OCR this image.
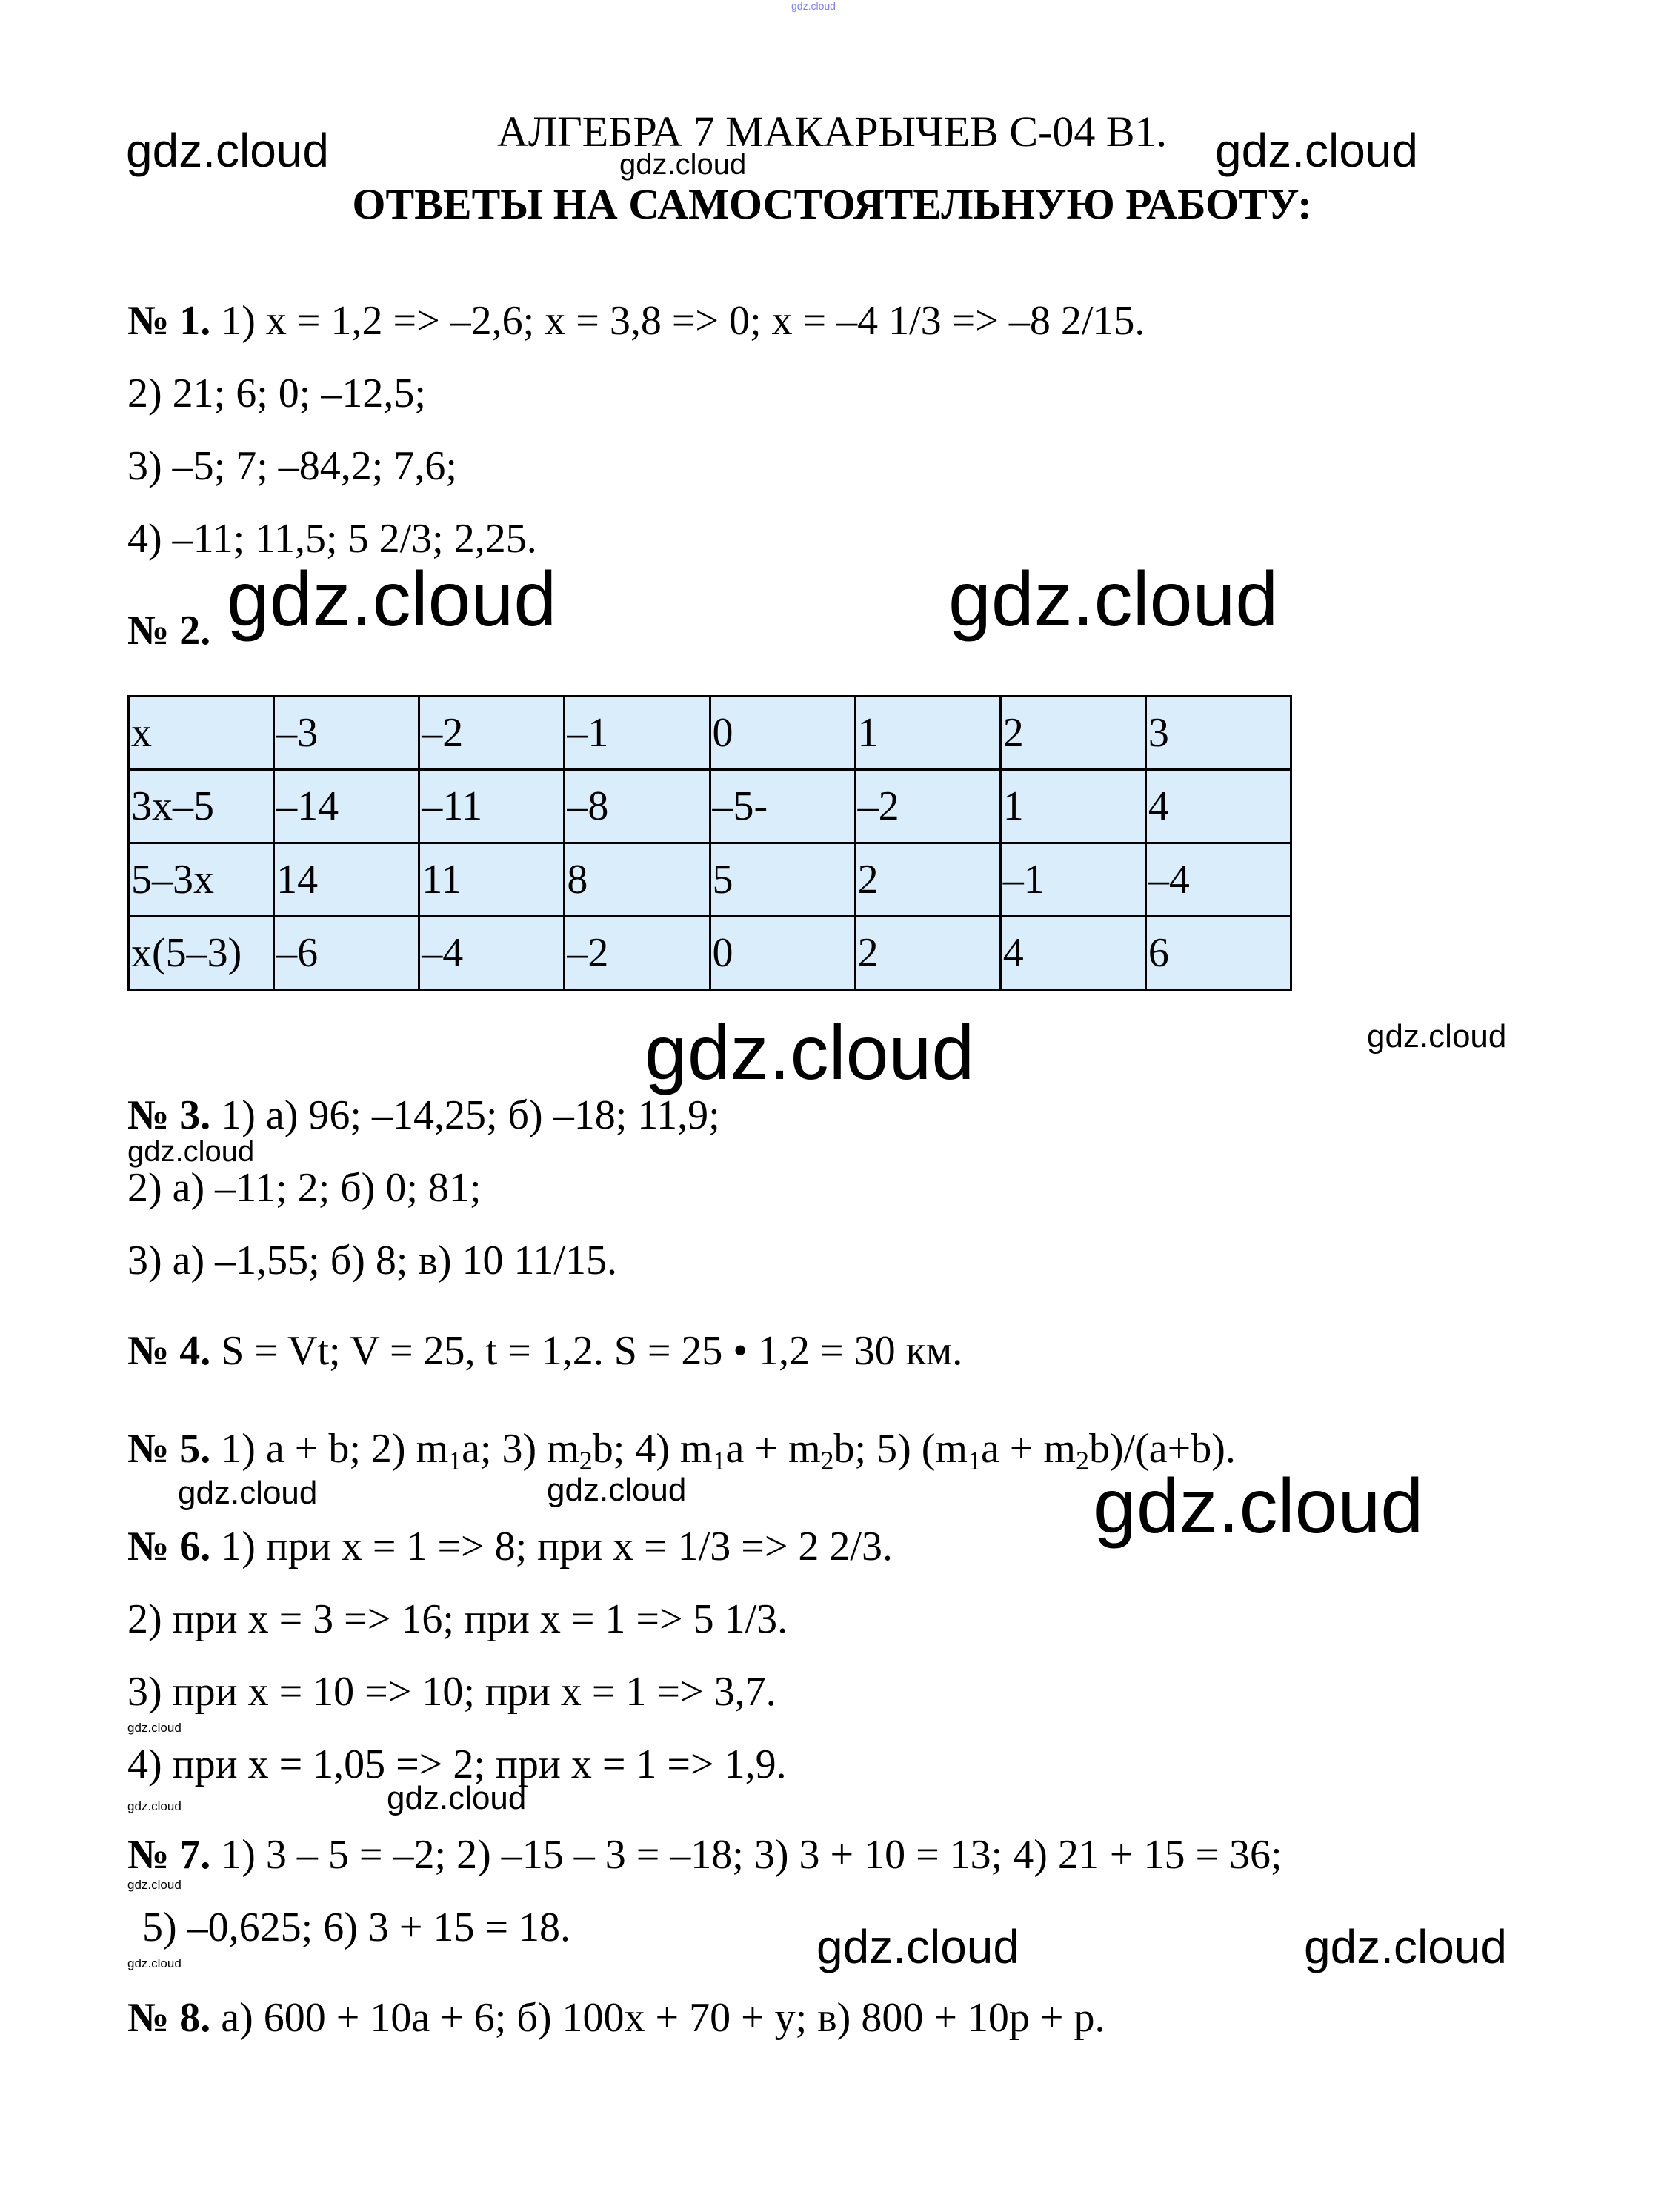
gdz.cloud
gdz.cloud	gdz.cloud	gdz.cloud
gdz.cloud	gdz.cloud
gdz.cloud	gdz.cloud
gdz.cloud
gdz.cloud	gdz.cloud	gdz.cloud
gdz.cloud
gdz.cloud	gdz.cloud
gdz.cloud
gdz.cloud	gdz.cloud	gdz.cloud
АЛГЕБРА 7 МАКАРЫЧЕВ С-04 В1.
ОТВЕТЫ НА САМОСТОЯТЕЛЬНУЮ РАБОТУ:
№ 1. 1) x = 1,2 => –2,6; x = 3,8 => 0; x = –4 1/3 => –8 2/15.
2) 21; 6; 0; –12,5;
3) –5; 7; –84,2; 7,6;
4) –11; 11,5; 5 2/3; 2,25.
№ 2.
x	–3	–2	–1	0	1	2	3
3x–5	–14	–11	–8	–5-	–2	1	4
5–3x	14	11	8	5	2	–1	–4
x(5–3)	–6	–4	–2	0	2	4	6
№ 3. 1) а) 96; –14,25; б) –18; 11,9;
2) а) –11; 2; б) 0; 81;
3) а) –1,55; б) 8; в) 10 11/15.
№ 4. S = Vt; V = 25, t = 1,2. S = 25 • 1,2 = 30 км.
№ 5. 1) a + b; 2) $m_1a$; 3) $m_2b$; 4) $m_1a + m_2b$; 5) $(m_1a + m_2b)/(a+b)$.
№ 6. 1) при x = 1 => 8; при x = 1/3 => 2 2/3.
2) при x = 3 => 16; при x = 1 => 5 1/3.
3) при x = 10 => 10; при x = 1 => 3,7.
4) при x = 1,05 => 2; при x = 1 => 1,9.
№ 7. 1) 3 – 5 = –2; 2) –15 – 3 = –18; 3) 3 + 10 = 13; 4) 21 + 15 = 36;
5) –0,625; 6) 3 + 15 = 18.
№ 8. а) 600 + 10a + 6; б) 100x + 70 + y; в) 800 + 10p + p.
